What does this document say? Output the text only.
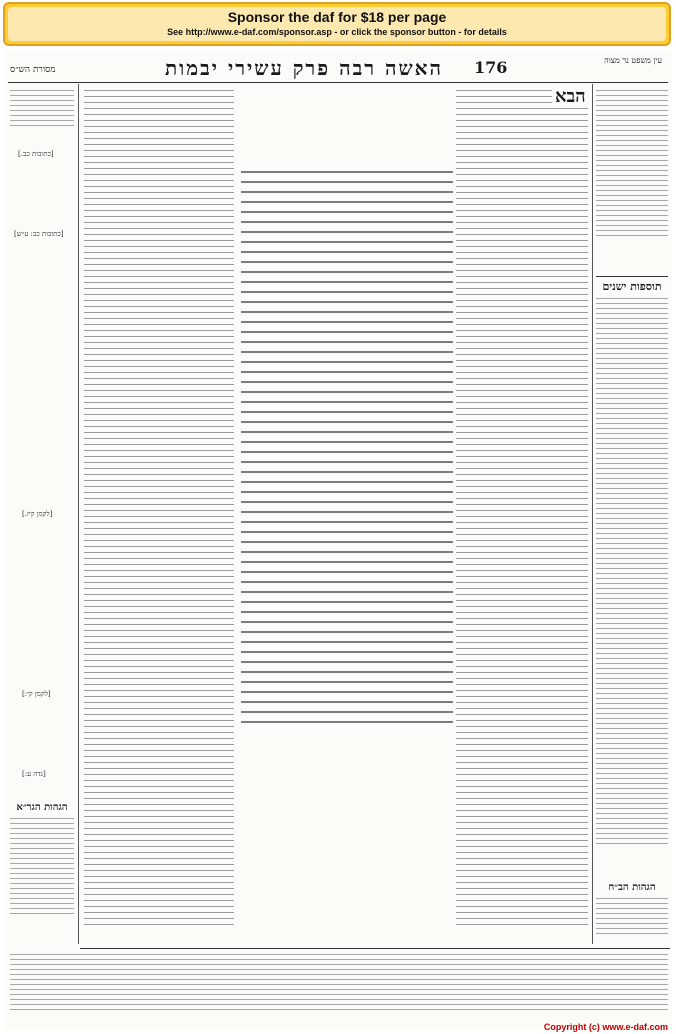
Sponsor the daf for $18 per page
See http://www.e-daf.com/sponsor.asp - or click the sponsor button - for details
מסורת הש״ס	האשה רבה פרק עשירי יבמות	176	עין משפט נר מצוה
[כתובות כב.]
[כתובות כב: ע״ש]
[לקמן קיז.]
[לקמן קי:]
[נדה ע:]
הגהות הגר״א
הבא
תוספות ישנים
הגהות הב״ח
Copyright (c) www.e-daf.com
